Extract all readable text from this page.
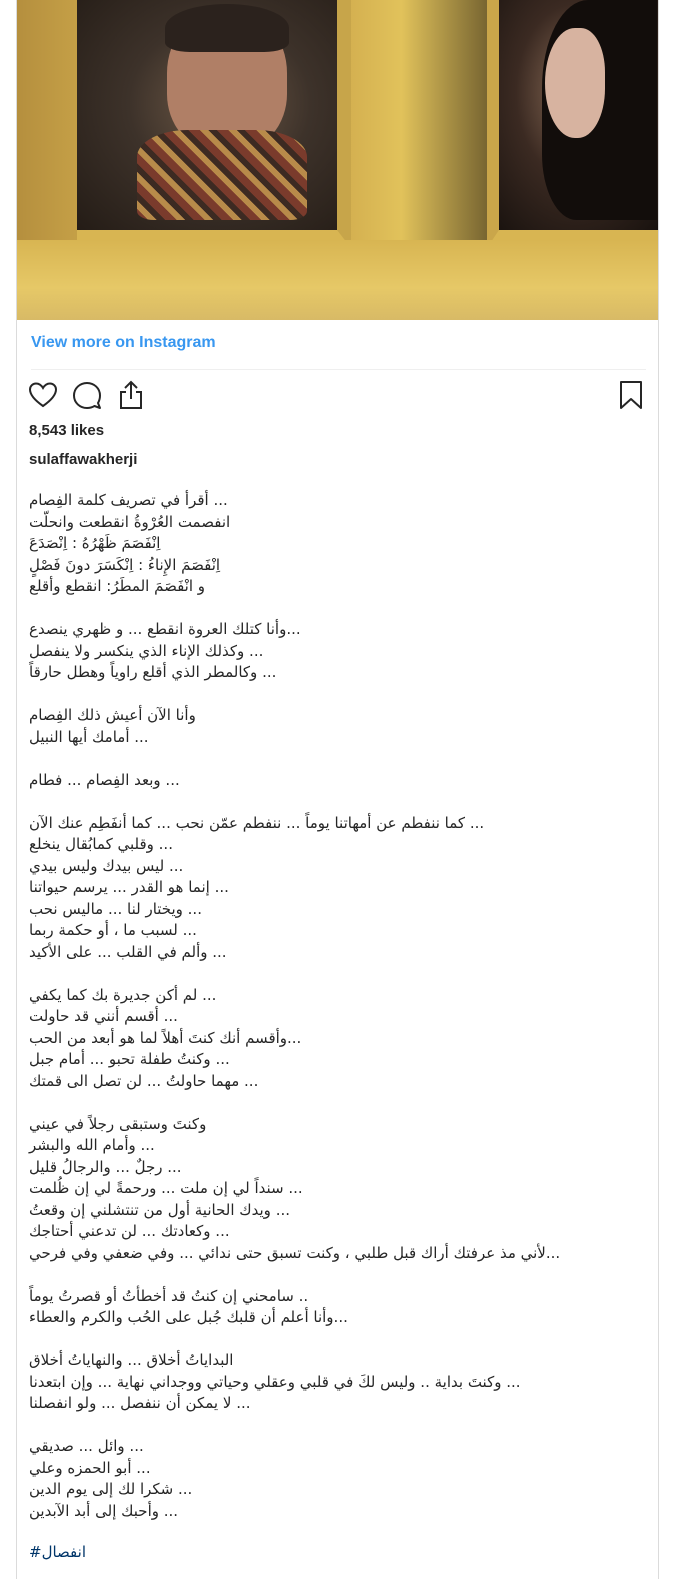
View more on Instagram
8,543 likes
sulaffawakherji
... أقرأ في تصريف كلمة الفِصام
انفصمت العُرْوةُ انقطعت وانحلّت
اِنْفَصَمَ ظَهْرُهُ : اِنْصَدَعَ
اِنْفَصَمَ الإِناءُ : اِنْكَسَرَ دونَ فَصْلٍ
و انْفَصَمَ المطَرُ: انقطع وأقلع
...وأنا كتلك العروة انقطع ... و ظهري ينصدع
... وكذلك الإناء الذي ينكسر ولا ينفصل
... وكالمطر الذي أقلع راوياً وهطل حارقاً
وأنا الآن أعيش ذلك الفِصام
... أمامك أيها النبيل
... وبعد الفِصام ... فطام
... كما ننفطم عن أمهاتنا يوماً ... ننفطم عمّن نحب ... كما أنفَطِم عنك الآن
... وقلبي كمابُقال ينخلع
... ليس بيدك وليس بيدي
... إنما هو القدر ... يرسم حيواتنا
... ويختار لنا ... ماليس نحب
... لسبب ما ، أو حكمة ربما
... وألم في القلب ... على الأكيد
... لم أكن جديرة بك كما يكفي
... أقسم أنني قد حاولت
...وأقسم أنك كنتَ أهلاً لما هو أبعد من الحب
... وكنتُ طفلة تحبو ... أمام جبل
... مهما حاولتُ ... لن تصل الى قمتك
وكنتَ وستبقى رجلاً في عيني
... وأمام الله والبشر
... رجلٌ ... والرجالُ قليل
... سنداً لي إن ملت ... ورحمةً لي إن ظُلمت
... ويدك الحانية أول من تنتشلني إن وقعتُ
... وكعادتك ... لن تدعني أحتاجك
...لأني مذ عرفتك أراك قبل طلبي ، وكنت تسبق حتى ندائي ... وفي ضعفي وفي فرحي
.. سامحني إن كنتُ قد أخطأتُ أو قصرتُ يوماً
...وأنا أعلم أن قلبك جُبل على الحُب والكرم والعطاء
البداياتُ أخلاق ... والنهاياتُ أخلاق
... وكنتَ بداية .. وليس لكَ في قلبي وعقلي وحياتي ووجداني نهاية ... وإن ابتعدنا
... لا يمكن أن ننفصل ... ولو انفصلنا
... وائل ... صديقي
... أبو الحمزه وعلي
... شكرا لك إلى يوم الدين
... وأحبك إلى أبد الآبدين
#انفصال
